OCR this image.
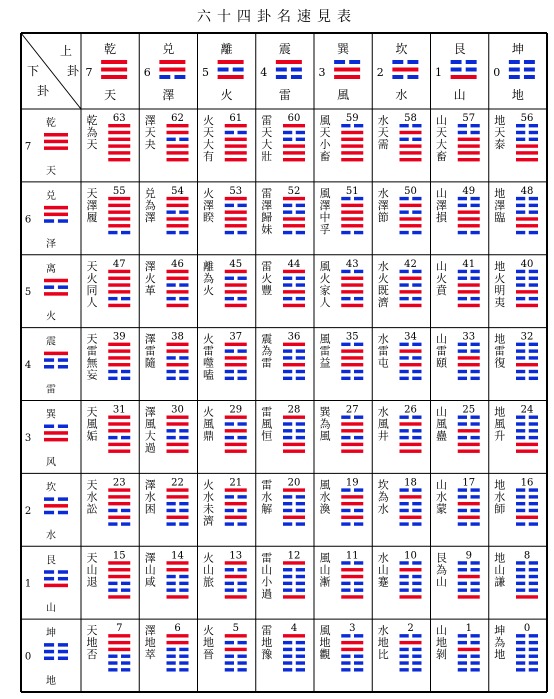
六十四卦名速見表
上
卦
下
卦
乾
7
天
兑
6
澤
離
5
火
震
4
雷
巽
3
風
坎
2
水
艮
1
山
坤
0
地
乾
7
天
兑
6
泽
离
5
火
震
4
雷
巽
3
风
坎
2
水
艮
1
山
坤
0
地
63
乾
為
天
62
澤
天
夬
61
火
天
大
有
60
雷
天
大
壯
59
風
天
小
畜
58
水
天
需
57
山
天
大
畜
56
地
天
泰
55
天
澤
履
54
兑
為
澤
53
火
澤
睽
52
雷
澤
歸
妹
51
風
澤
中
孚
50
水
澤
節
49
山
澤
損
48
地
澤
臨
47
天
火
同
人
46
澤
火
革
45
離
為
火
44
雷
火
豐
43
風
火
家
人
42
水
火
既
濟
41
山
火
賁
40
地
火
明
夷
39
天
雷
無
妄
38
澤
雷
隨
37
火
雷
噬
嗑
36
震
為
雷
35
風
雷
益
34
水
雷
屯
33
山
雷
頤
32
地
雷
復
31
天
風
姤
30
澤
風
大
過
29
火
風
鼎
28
雷
風
恒
27
巽
為
風
26
水
風
井
25
山
風
蠱
24
地
風
升
23
天
水
訟
22
澤
水
困
21
火
水
未
濟
20
雷
水
解
19
風
水
渙
18
坎
為
水
17
山
水
蒙
16
地
水
師
15
天
山
退
14
澤
山
咸
13
火
山
旅
12
雷
山
小
過
11
風
山
漸
10
水
山
蹇
9
艮
為
山
8
地
山
謙
7
天
地
否
6
澤
地
萃
5
火
地
晉
4
雷
地
豫
3
風
地
觀
2
水
地
比
1
山
地
剝
0
坤
為
地
